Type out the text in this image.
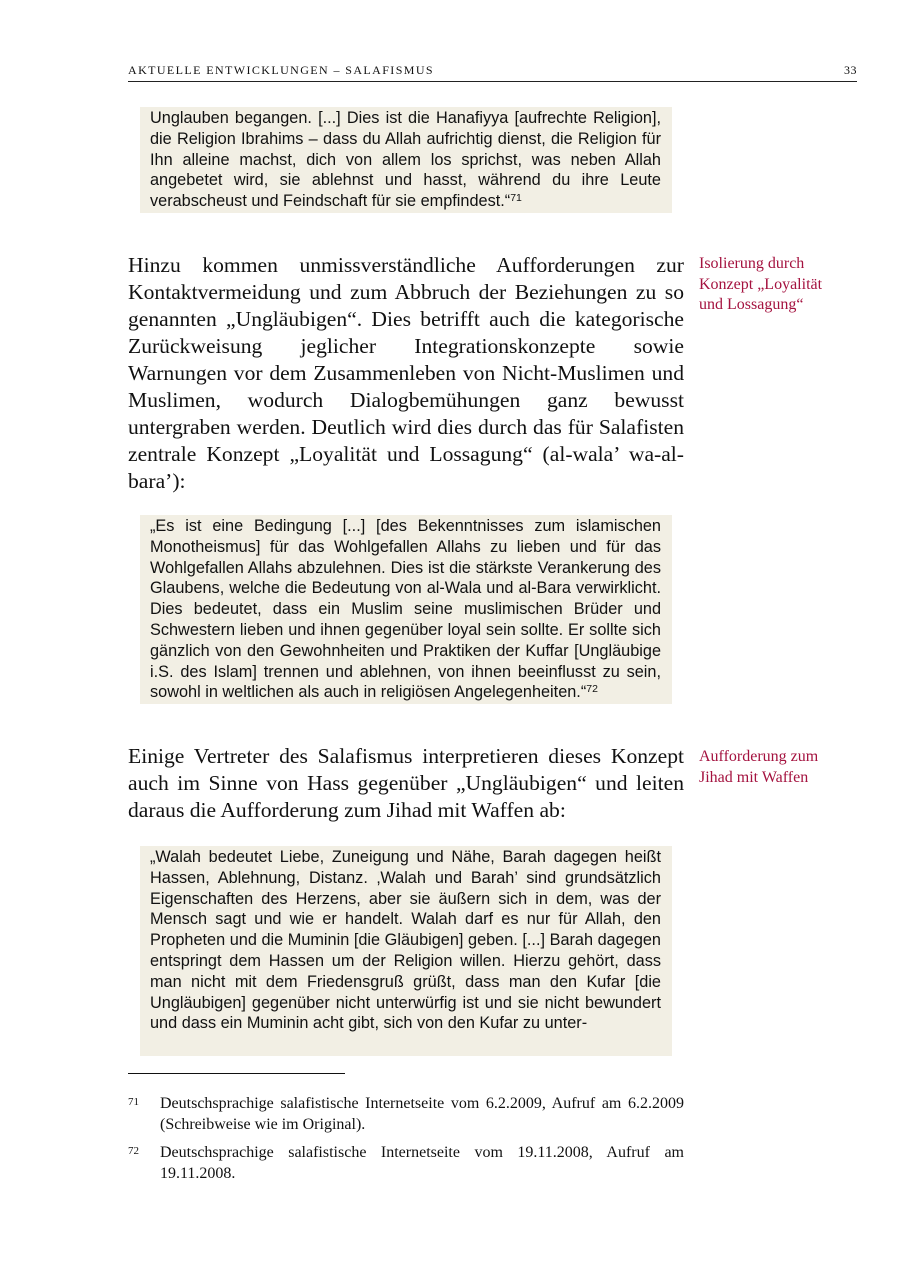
AKTUELLE ENTWICKLUNGEN – SALAFISMUS	33
Unglauben begangen. [...] Dies ist die Hanafiyya [aufrechte Religion], die Religion Ibrahims – dass du Allah aufrichtig dienst, die Religion für Ihn alleine machst, dich von allem los sprichst, was neben Allah angebetet wird, sie ablehnst und hasst, während du ihre Leute verabscheust und Feindschaft für sie empfindest.“$^{71}$
Hinzu kommen unmissverständliche Aufforderungen zur Kontaktvermeidung und zum Abbruch der Beziehungen zu so genannten „Ungläubigen“. Dies betrifft auch die kategorische Zurückweisung jeglicher Integrationskonzepte sowie Warnungen vor dem Zusammenleben von Nicht-Muslimen und Muslimen, wodurch Dialogbemühungen ganz bewusst untergraben werden. Deutlich wird dies durch das für Salafisten zentrale Konzept „Loyalität und Lossagung“ (al-wala’ wa-al-bara’):
Isolierung durch Konzept „Loyalität und Lossagung“
„Es ist eine Bedingung [...] [des Bekenntnisses zum islamischen Monotheismus] für das Wohlgefallen Allahs zu lieben und für das Wohlgefallen Allahs abzulehnen. Dies ist die stärkste Verankerung des Glaubens, welche die Bedeutung von al-Wala und al-Bara verwirklicht. Dies bedeutet, dass ein Muslim seine muslimischen Brüder und Schwestern lieben und ihnen gegenüber loyal sein sollte. Er sollte sich gänzlich von den Gewohnheiten und Praktiken der Kuffar [Ungläubige i.S. des Islam] trennen und ablehnen, von ihnen beeinflusst zu sein, sowohl in weltlichen als auch in religiösen Angelegenheiten.“$^{72}$
Einige Vertreter des Salafismus interpretieren dieses Konzept auch im Sinne von Hass gegenüber „Ungläubigen“ und leiten daraus die Aufforderung zum Jihad mit Waffen ab:
Aufforderung zum Jihad mit Waffen
„Walah bedeutet Liebe, Zuneigung und Nähe, Barah dagegen heißt Hassen, Ablehnung, Distanz. ‚Walah und Barah’ sind grundsätzlich Eigenschaften des Herzens, aber sie äußern sich in dem, was der Mensch sagt und wie er handelt. Walah darf es nur für Allah, den Propheten und die Muminin [die Gläubigen] geben. [...] Barah dagegen entspringt dem Hassen um der Religion willen. Hierzu gehört, dass man nicht mit dem Friedensgruß grüßt, dass man den Kufar [die Ungläubigen] gegenüber nicht unterwürfig ist und sie nicht bewundert und dass ein Muminin acht gibt, sich von den Kufar zu unter-
71 Deutschsprachige salafistische Internetseite vom 6.2.2009, Aufruf am 6.2.2009 (Schreibweise wie im Original).
72 Deutschsprachige salafistische Internetseite vom 19.11.2008, Aufruf am 19.11.2008.
